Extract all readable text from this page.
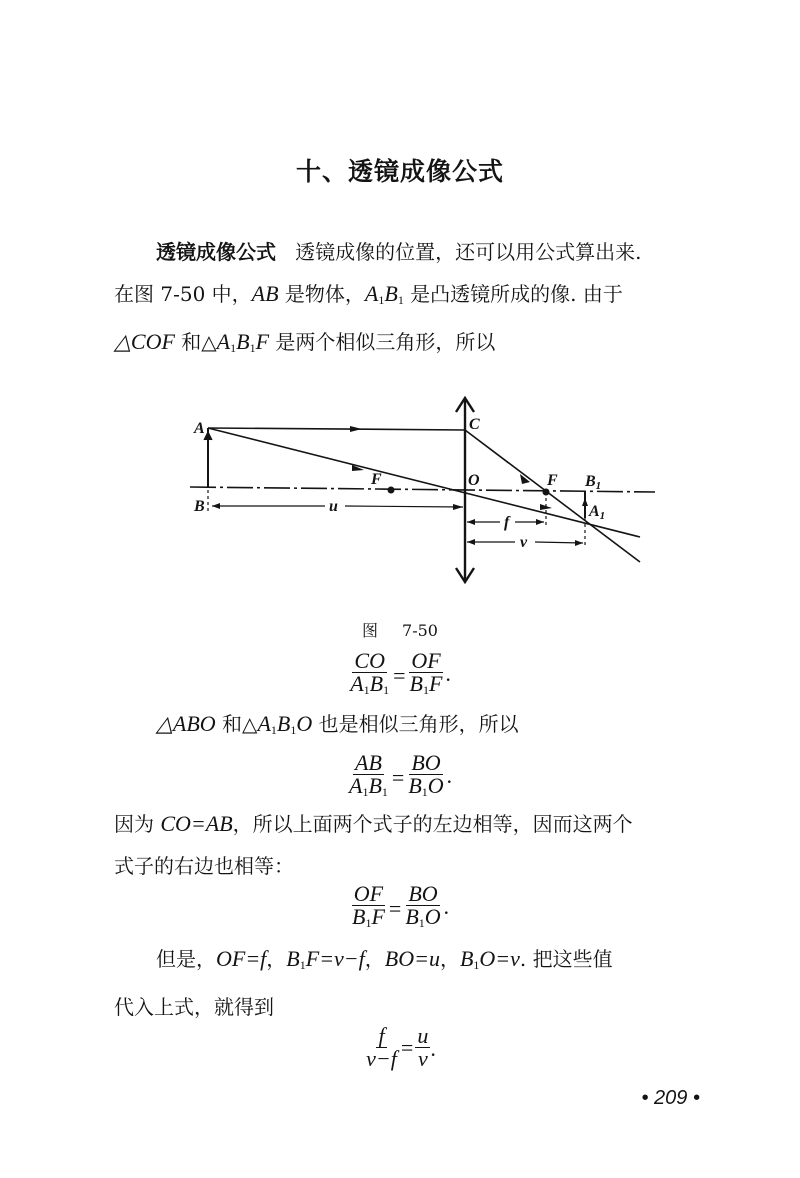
十、透镜成像公式
透镜成像公式 透镜成像的位置，还可以用公式算出来.
在图 7-50 中，AB 是物体，$A_1B_1$ 是凸透镜所成的像. 由于
△COF 和$\triangle A_1B_1F$ 是两个相似三角形，所以
A
B
C
O
F	F B1
A1
u
f
v
图 7-50
$\frac{CO}{A_1B_1} = \frac{OF}{B_1F}$ ·
△ABO 和$\triangle A_1B_1O$ 也是相似三角形，所以
$\frac{AB}{A_1B_1} = \frac{BO}{B_1O}$ ·
因为 CO=AB，所以上面两个式子的左边相等，因而这两个
式子的右边也相等：
$\frac{OF}{B_1F} = \frac{BO}{B_1O}$ ·
但是，OF=f，$B_1F=v-f$，BO=u，$B_1O=v$. 把这些值
代入上式，就得到
$\frac{f}{v-f} = \frac{u}{v}$ .
• 209 •
